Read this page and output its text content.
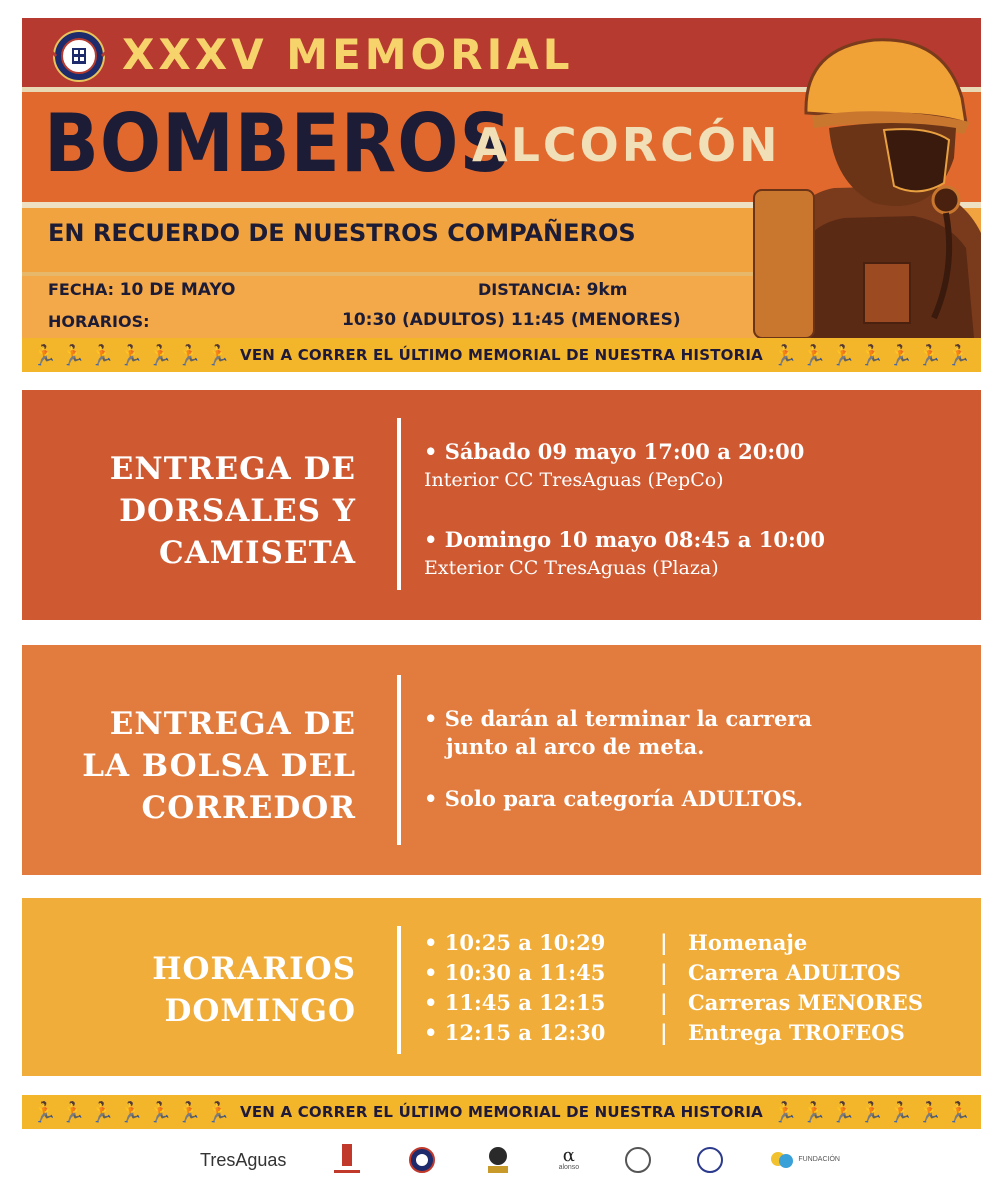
XXXV MEMORIAL
BOMBEROS
ALCORCÓN
EN RECUERDO DE NUESTROS COMPAÑEROS
FECHA: 10 DE MAYO	DISTANCIA: 9km
HORARIOS:	10:30 (ADULTOS) 11:45 (MENORES)
🏃 🏃 🏃 🏃 🏃 🏃 🏃 VEN A CORRER EL ÚLTIMO MEMORIAL DE NUESTRA HISTORIA 🏃 🏃 🏃 🏃 🏃 🏃 🏃
ENTREGA DE
DORSALES Y
CAMISETA
• Sábado 09 mayo 17:00 a 20:00
Interior CC TresAguas (PepCo)
• Domingo 10 mayo 08:45 a 10:00
Exterior CC TresAguas (Plaza)
ENTREGA DE
LA BOLSA DEL
CORREDOR
• Se darán al terminar la carrera
junto al arco de meta.
• Solo para categoría ADULTOS.
HORARIOS
DOMINGO
• 10:25 a 10:29	| Homenaje
• 10:30 a 11:45	| Carrera ADULTOS
• 11:45 a 12:15	| Carreras MENORES
• 12:15 a 12:30	| Entrega TROFEOS
🏃 🏃 🏃 🏃 🏃 🏃 🏃 VEN A CORRER EL ÚLTIMO MEMORIAL DE NUESTRA HISTORIA 🏃 🏃 🏃 🏃 🏃 🏃 🏃
TresAguas	α
alonso
FUNDACIÓN
